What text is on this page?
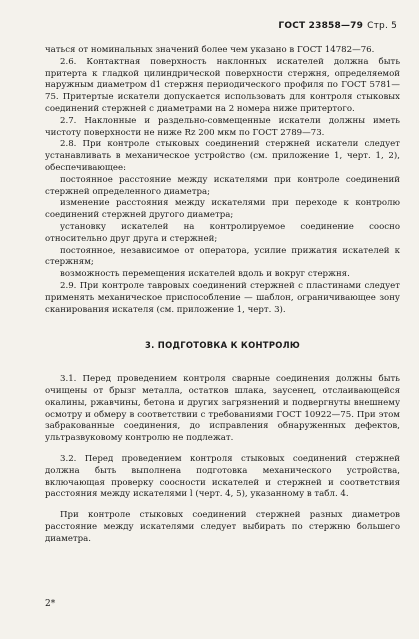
ГОСТ 23858—79 Стр. 5

чаться от номинальных значений более чем указано в ГОСТ 14782—76.

2.6. Контактная поверхность наклонных искателей должна быть притерта к гладкой цилиндрической поверхности стержня, определяемой наружным диаметром d1 стержня периодического профиля по ГОСТ 5781—75. Притертые искатели допускается использовать для контроля стыковых соединений стержней с диаметрами на 2 номера ниже притертого.

2.7. Наклонные и раздельно-совмещенные искатели должны иметь чистоту поверхности не ниже Rz 200 мкм по ГОСТ 2789—73.

2.8. При контроле стыковых соединений стержней искатели следует устанавливать в механическое устройство (см. приложение 1, черт. 1, 2), обеспечивающее:

постоянное расстояние между искателями при контроле соединений стержней определенного диаметра;

изменение расстояния между искателями при переходе к контролю соединений стержней другого диаметра;

установку искателей на контролируемое соединение соосно относительно друг друга и стержней;

постоянное, независимое от оператора, усилие прижатия искателей к стержням;

возможность перемещения искателей вдоль и вокруг стержня.

2.9. При контроле тавровых соединений стержней с пластинами следует применять механическое приспособление — шаблон, ограничивающее зону сканирования искателя (см. приложение 1, черт. 3).

3. ПОДГОТОВКА К КОНТРОЛЮ

3.1. Перед проведением контроля сварные соединения должны быть очищены от брызг металла, остатков шлака, заусенец, отслаивающейся окалины, ржавчины, бетона и других загрязнений и подвергнуты внешнему осмотру и обмеру в соответствии с требованиями ГОСТ 10922—75. При этом забракованные соединения, до исправления обнаруженных дефектов, ультразвуковому контролю не подлежат.

3.2. Перед проведением контроля стыковых соединений стержней должна быть выполнена подготовка механического устройства, включающая проверку соосности искателей и стержней и соответствия расстояния между искателями l (черт. 4, 5), указанному в табл. 4.

При контроле стыковых соединений стержней разных диаметров расстояние между искателями следует выбирать по стержню большего диаметра.

2*
